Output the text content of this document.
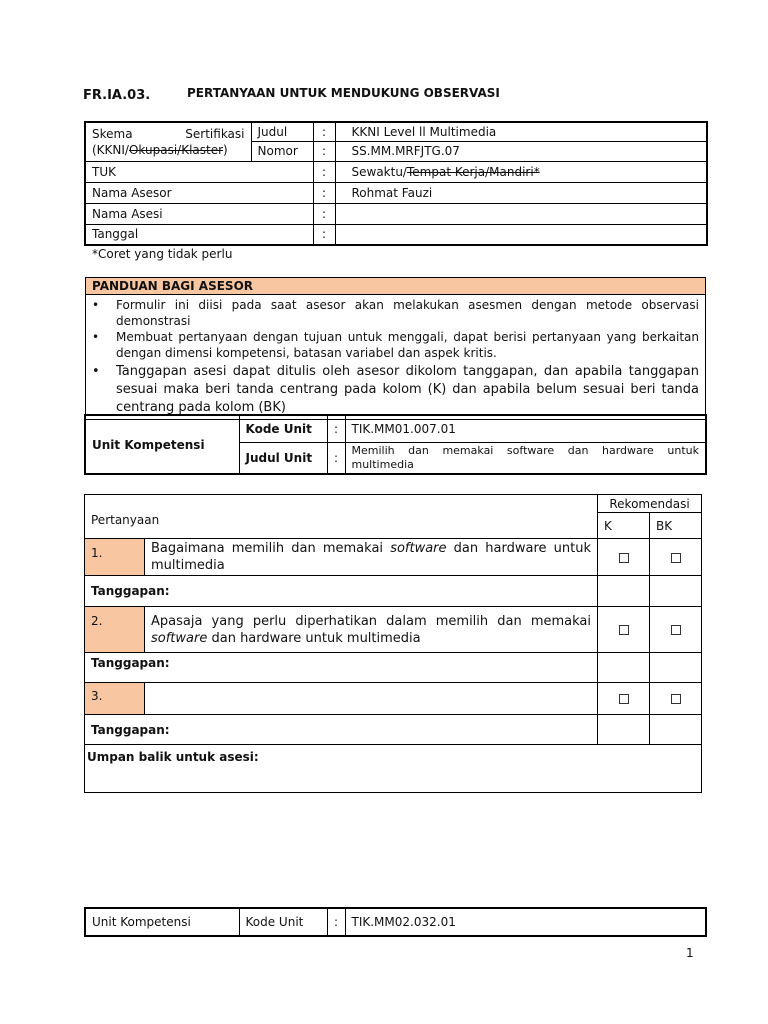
FR.IA.03.	PERTANYAAN UNTUK MENDUKUNG OBSERVASI
Skema Sertifikasi
(KKNI/Okupasi/Klaster)	Judul	:	KKNI Level ll Multimedia
	Nomor	:	SS.MM.MRFJTG.07
TUK		:	Sewaktu/Tempat Kerja/Mandiri*
Nama Asesor		:	Rohmat Fauzi
Nama Asesi		:	
Tanggal		:	
*Coret yang tidak perlu
PANDUAN BAGI ASESOR

• Formulir ini diisi pada saat asesor akan melakukan asesmen dengan metode observasi demonstrasi
• Membuat pertanyaan dengan tujuan untuk menggali, dapat berisi pertanyaan yang berkaitan dengan dimensi kompetensi, batasan variabel dan aspek kritis.
• Tanggapan asesi dapat ditulis oleh asesor dikolom tanggapan, dan apabila tanggapan sesuai maka beri tanda centrang pada kolom (K) dan apabila belum sesuai beri tanda centrang pada kolom (BK)
Unit Kompetensi	Kode Unit	:	TIK.MM01.007.01
	Judul Unit	:	Memilih dan memakai software dan hardware untuk multimedia
Pertanyaan		Rekomendasi	
		K	BK
1.	Bagaimana memilih dan memakai software dan hardware untuk multimedia		
Tanggapan:			
2.	Apasaja yang perlu diperhatikan dalam memilih dan memakai software dan hardware untuk multimedia		
Tanggapan:			
3.			
Tanggapan:			
Umpan balik untuk asesi:			
Unit Kompetensi	Kode Unit	:	TIK.MM02.032.01
1
